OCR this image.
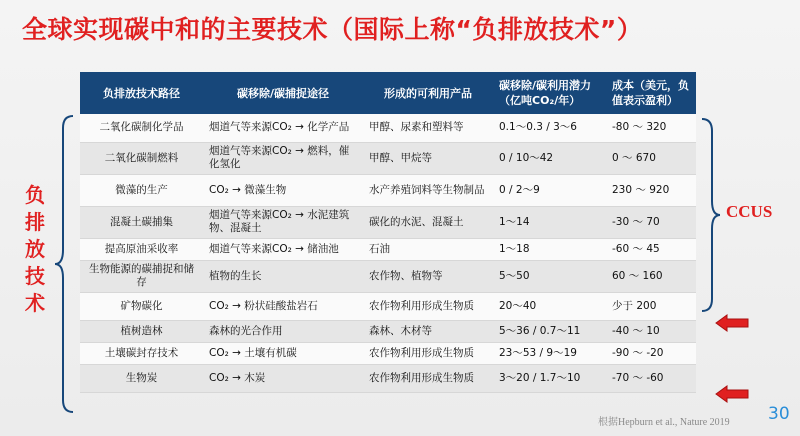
全球实现碳中和的主要技术（国际上称“负排放技术”）
负
排
放
技
术
负排放技术路径	碳移除/碳捕捉途径	形成的可利用产品	碳移除/碳利用潜力（亿吨CO₂/年）	成本（美元，负值表示盈利）
二氧化碳制化学品	烟道气等来源CO₂ → 化学产品	甲醇、尿素和塑料等	0.1～0.3 / 3～6	-80 ～ 320
二氧化碳制燃料	烟道气等来源CO₂ → 燃料，催化氢化	甲醇、甲烷等	0 / 10～42	0 ～ 670
微藻的生产	CO₂ → 微藻生物	水产养殖饲料等生物制品	0 / 2～9	230 ～ 920
混凝土碳捕集	烟道气等来源CO₂ → 水泥建筑物、混凝土	碳化的水泥、混凝土	1～14	-30 ～ 70
提高原油采收率	烟道气等来源CO₂ → 储油池	石油	1～18	-60 ～ 45
生物能源的碳捕捉和储存	植物的生长	农作物、植物等	5～50	60 ～ 160
矿物碳化	CO₂ → 粉状硅酸盐岩石	农作物利用形成生物质	20～40	少于 200
植树造林	森林的光合作用	森林、木材等	5～36 / 0.7～11	-40 ～ 10
土壤碳封存技术	CO₂ → 土壤有机碳	农作物利用形成生物质	23～53 / 9～19	-90 ～ -20
生物炭	CO₂ → 木炭	农作物利用形成生物质	3～20 / 1.7～10	-70 ～ -60
CCUS
根据Hepburn et al., Nature 2019 30
